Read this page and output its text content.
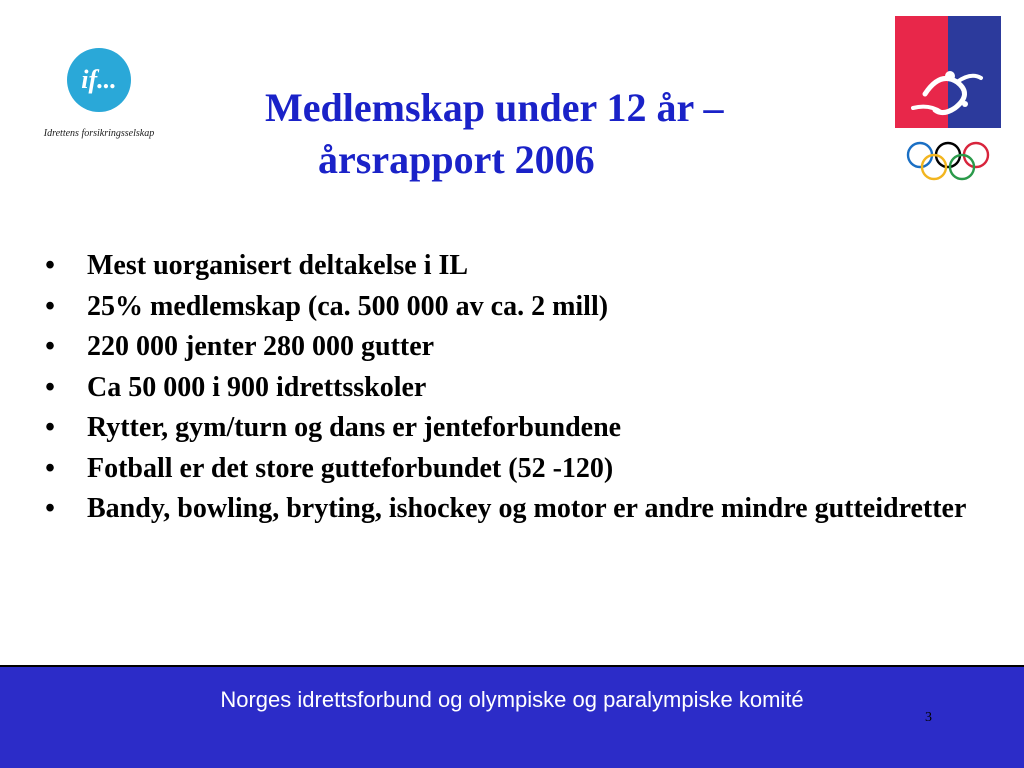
if...
Idrettens forsikringsselskap
Medlemskap under 12 år –
årsrapport 2006
• Mest uorganisert deltakelse i IL
• 25% medlemskap (ca. 500 000 av ca. 2 mill)
• 220 000 jenter 280 000 gutter
• Ca 50 000 i 900 idrettsskoler
• Rytter, gym/turn og dans er jenteforbundene
• Fotball er det store gutteforbundet (52 -120)
• Bandy, bowling, bryting, ishockey og motor er andre mindre gutteidretter
Norges idrettsforbund og olympiske og paralympiske komité
3
